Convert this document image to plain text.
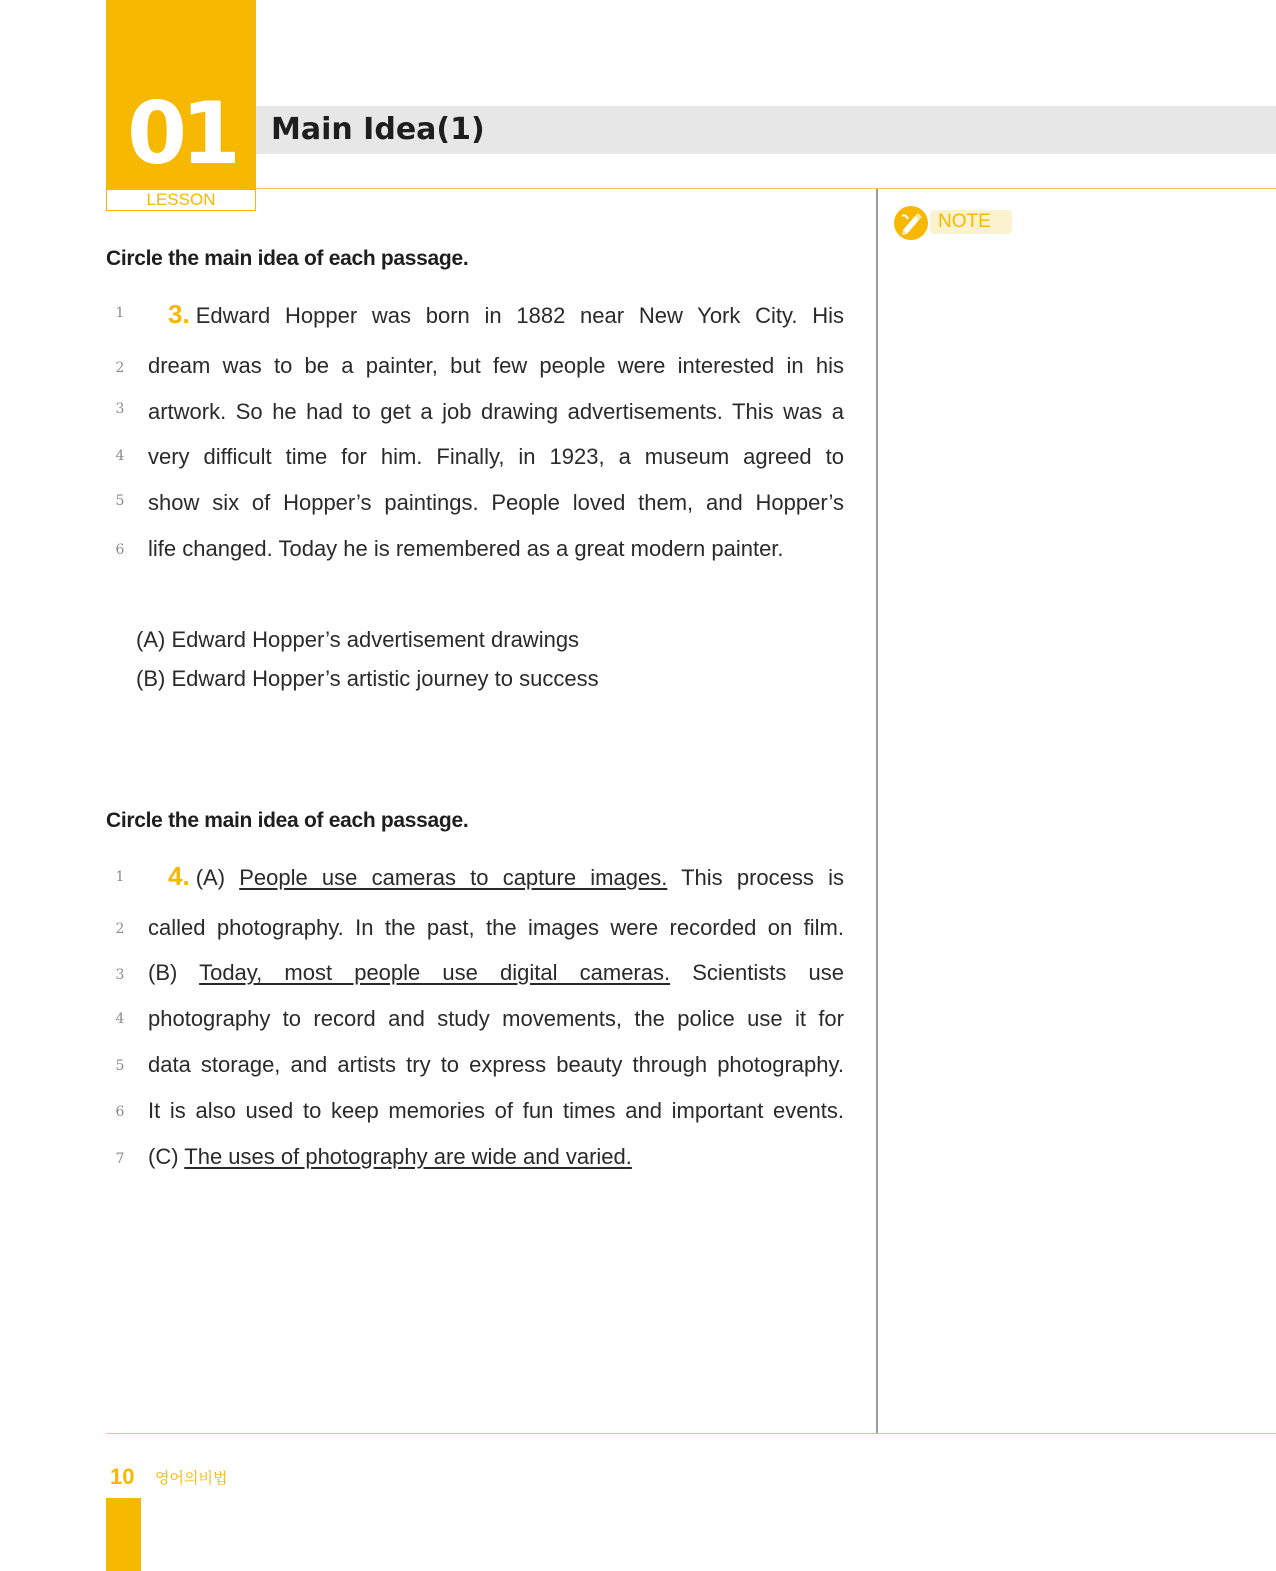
01
LESSON
Main Idea(1)
NOTE
Circle the main idea of each passage.
1 3. Edward Hopper was born in 1882 near New York City. His
2 dream was to be a painter, but few people were interested in his
3 artwork. So he had to get a job drawing advertisements. This was a
4 very difficult time for him. Finally, in 1923, a museum agreed to
5 show six of Hopper’s paintings. People loved them, and Hopper’s
6 life changed. Today he is remembered as a great modern painter.
(A) Edward Hopper’s advertisement drawings
(B) Edward Hopper’s artistic journey to success
Circle the main idea of each passage.
1 4. (A) People use cameras to capture images. This process is
2 called photography. In the past, the images were recorded on film.
3 (B) Today, most people use digital cameras. Scientists use
4 photography to record and study movements, the police use it for
5 data storage, and artists try to express beauty through photography.
6 It is also used to keep memories of fun times and important events.
7 (C) The uses of photography are wide and varied.
10 영어의비법
